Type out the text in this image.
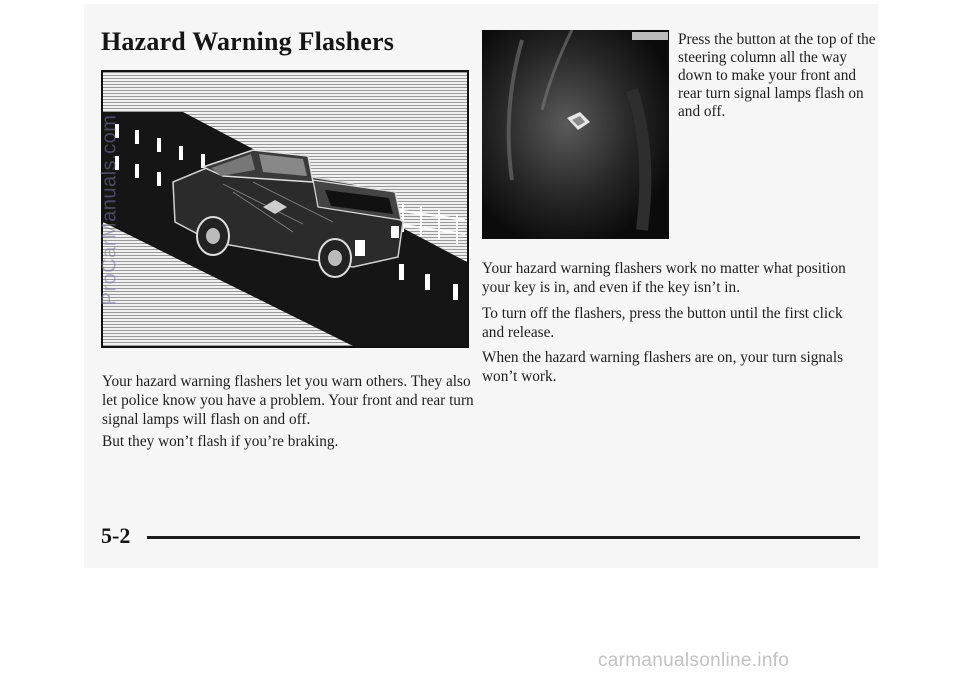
Hazard Warning Flashers	Press the button at the top of the steering column all the way down to make your front and rear turn signal lamps flash on and off.

Your hazard warning flashers let you warn others. They also let police know you have a problem. Your front and rear turn signal lamps will flash on and off.

But they won’t flash if you’re braking.

Your hazard warning flashers work no matter what position your key is in, and even if the key isn’t in.

To turn off the flashers, press the button until the first click and release.

When the hazard warning flashers are on, your turn signals won’t work.

ProCarManuals.com
5-2
carmanualsonline.info
